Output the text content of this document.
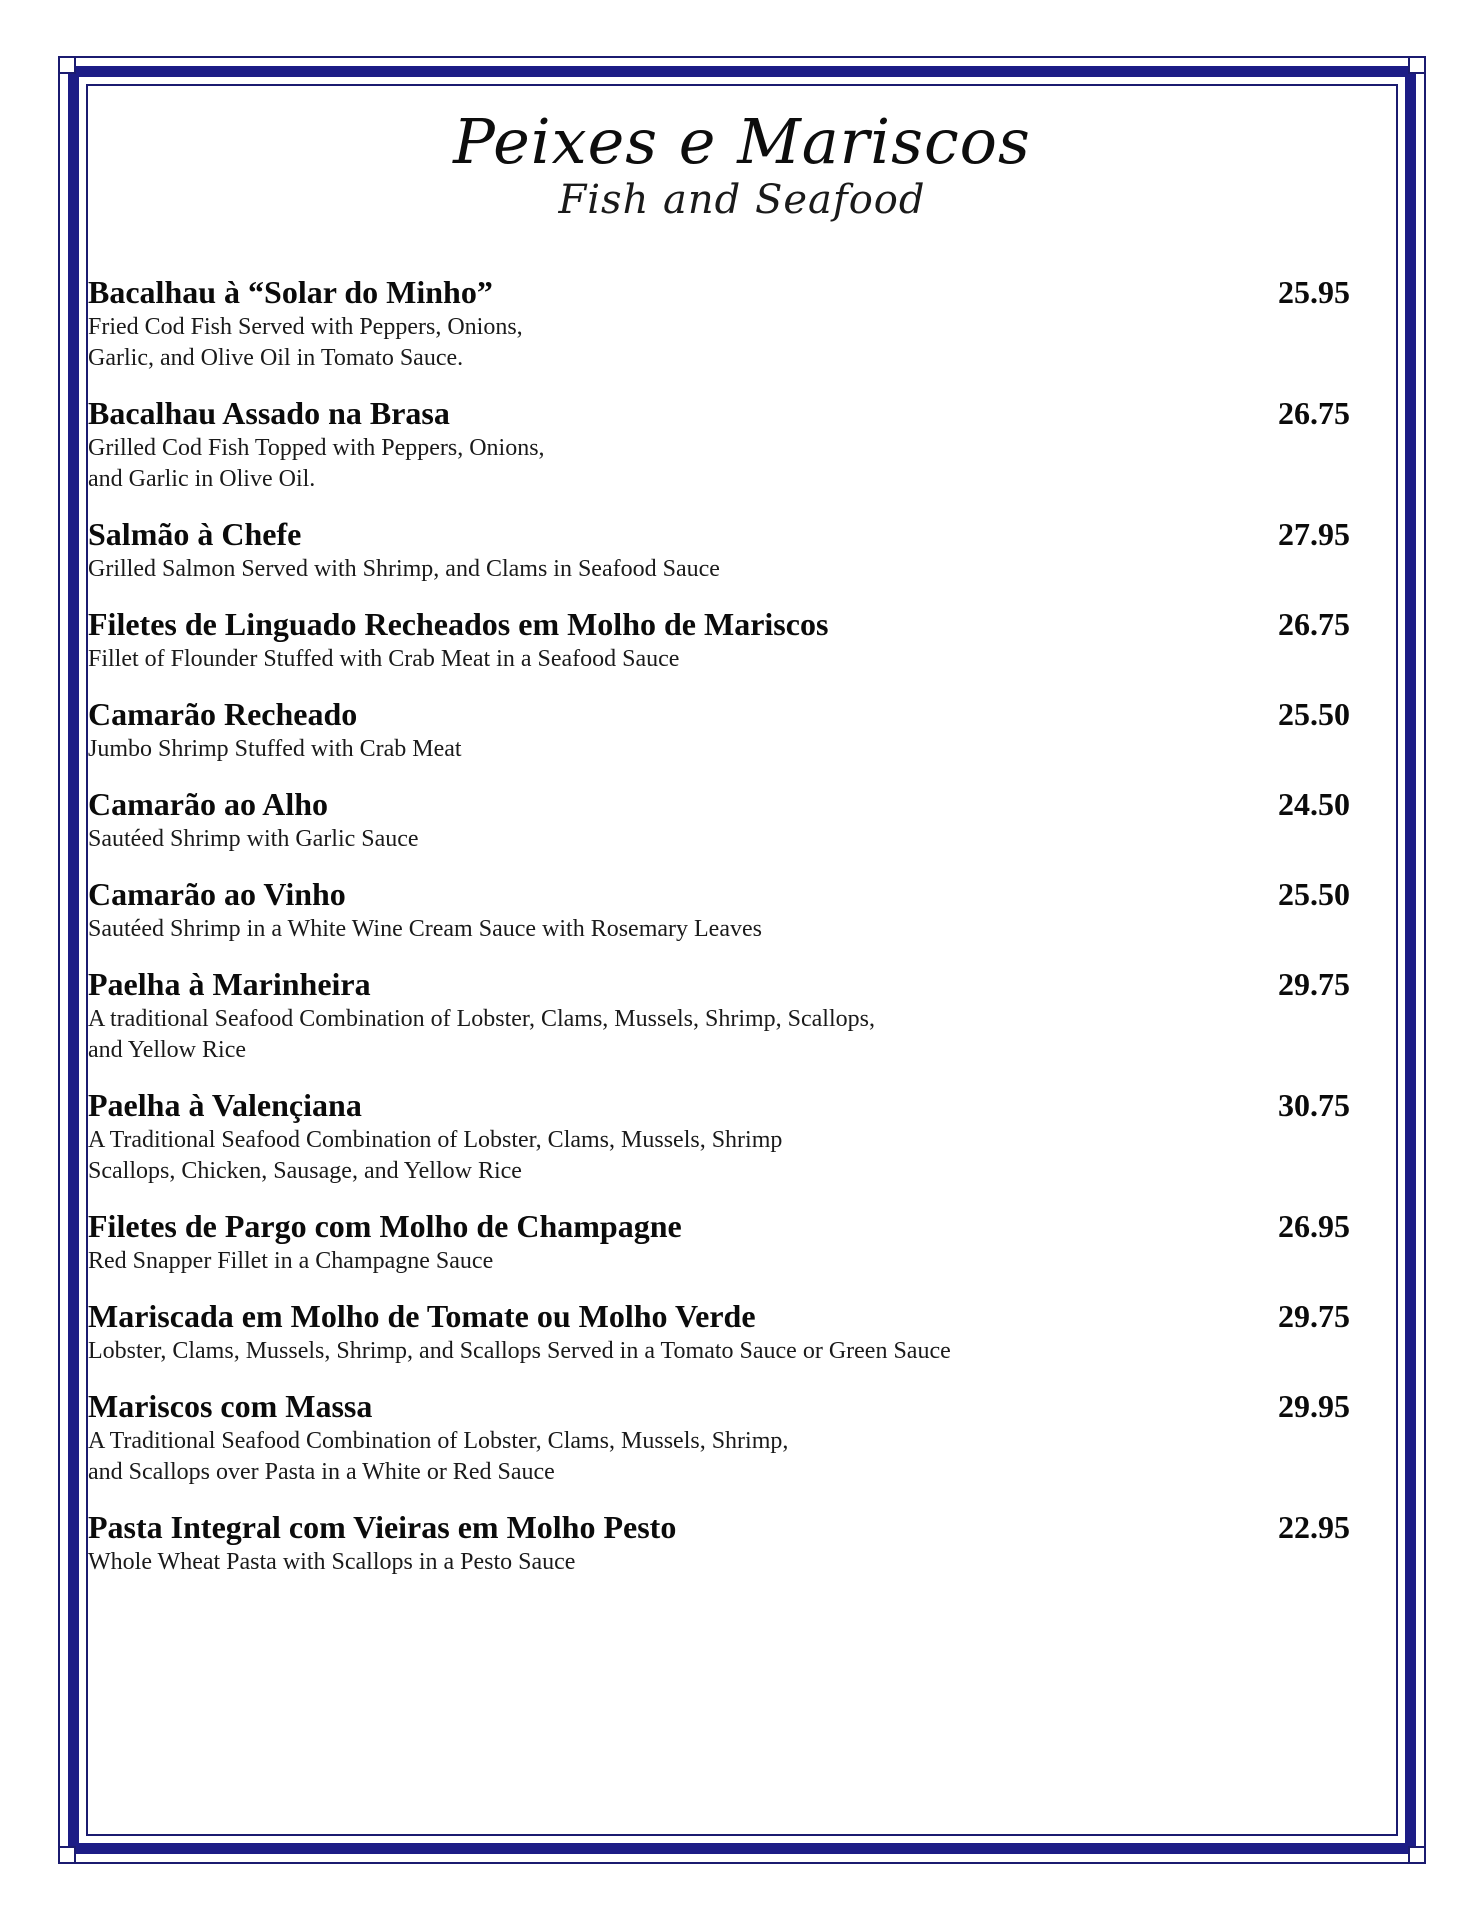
Peixes e Mariscos
Fish and Seafood
Bacalhau à “Solar do Minho”	25.95
Fried Cod Fish Served with Peppers, Onions,
Garlic, and Olive Oil in Tomato Sauce.
Bacalhau Assado na Brasa	26.75
Grilled Cod Fish Topped with Peppers, Onions,
and Garlic in Olive Oil.
Salmão à Chefe	27.95
Grilled Salmon Served with Shrimp, and Clams in Seafood Sauce
Filetes de Linguado Recheados em Molho de Mariscos	26.75
Fillet of Flounder Stuffed with Crab Meat in a Seafood Sauce
Camarão Recheado	25.50
Jumbo Shrimp Stuffed with Crab Meat
Camarão ao Alho	24.50
Sautéed Shrimp with Garlic Sauce
Camarão ao Vinho	25.50
Sautéed Shrimp in a White Wine Cream Sauce with Rosemary Leaves
Paelha à Marinheira	29.75
A traditional Seafood Combination of Lobster, Clams, Mussels, Shrimp, Scallops,
and Yellow Rice
Paelha à Valençiana	30.75
A Traditional Seafood Combination of Lobster, Clams, Mussels, Shrimp
Scallops, Chicken, Sausage, and Yellow Rice
Filetes de Pargo com Molho de Champagne	26.95
Red Snapper Fillet in a Champagne Sauce
Mariscada em Molho de Tomate ou Molho Verde	29.75
Lobster, Clams, Mussels, Shrimp, and Scallops Served in a Tomato Sauce or Green Sauce
Mariscos com Massa	29.95
A Traditional Seafood Combination of Lobster, Clams, Mussels, Shrimp,
and Scallops over Pasta in a White or Red Sauce
Pasta Integral com Vieiras em Molho Pesto	22.95
Whole Wheat Pasta with Scallops in a Pesto Sauce
